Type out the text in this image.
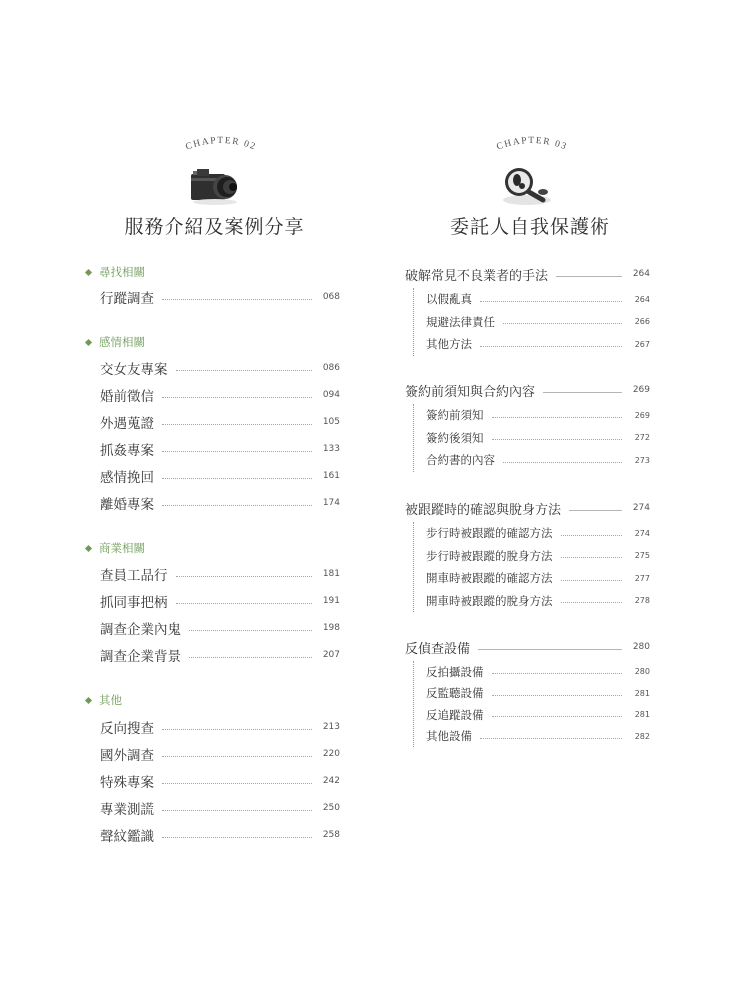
CHAPTER 02
服務介紹及案例分享
尋找相關
行蹤調查	068
感情相關
交女友專案	086
婚前徵信	094
外遇蒐證	105
抓姦專案	133
感情挽回	161
離婚專案	174
商業相關
查員工品行	181
抓同事把柄	191
調查企業內鬼	198
調查企業背景	207
其他
反向搜查	213
國外調查	220
特殊專案	242
專業測謊	250
聲紋鑑識	258
CHAPTER 03
委託人自我保護術
破解常見不良業者的手法	264
以假亂真	264
規避法律責任	266
其他方法	267
簽約前須知與合約內容	269
簽約前須知	269
簽約後須知	272
合約書的內容	273
被跟蹤時的確認與脫身方法	274
步行時被跟蹤的確認方法	274
步行時被跟蹤的脫身方法	275
開車時被跟蹤的確認方法	277
開車時被跟蹤的脫身方法	278
反偵查設備	280
反拍攝設備	280
反監聽設備	281
反追蹤設備	281
其他設備	282
